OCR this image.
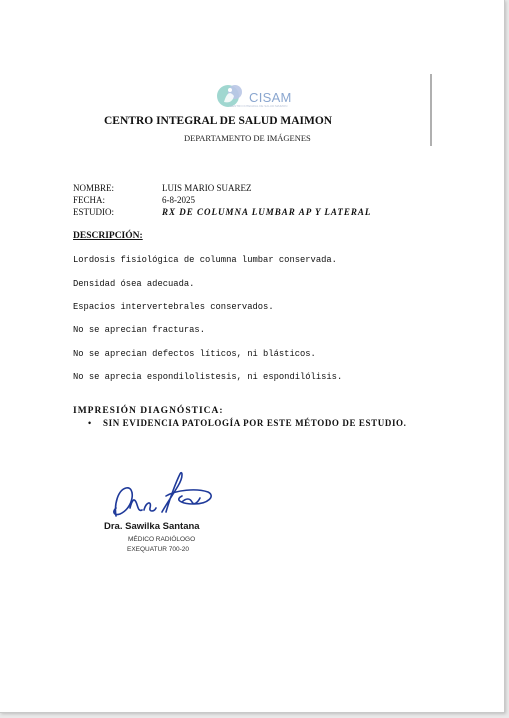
CISAM
CENTRO INTEGRAL DE SALUD MAIMON
CENTRO INTEGRAL DE SALUD MAIMON
DEPARTAMENTO DE IMÁGENES
NOMBRE:	LUIS MARIO SUAREZ
FECHA:	6-8-2025
ESTUDIO:	RX DE COLUMNA LUMBAR AP Y LATERAL
DESCRIPCIÓN:
Lordosis fisiológica de columna lumbar conservada.
Densidad ósea adecuada.
Espacios intervertebrales conservados.
No se aprecian fracturas.
No se aprecian defectos líticos, ni blásticos.
No se aprecia espondilolistesis, ni espondilólisis.
IMPRESIÓN DIAGNÓSTICA:
• SIN EVIDENCIA PATOLOGÍA POR ESTE MÉTODO DE ESTUDIO.
Dra. Sawilka Santana
MÉDICO RADIÓLOGO
EXEQUATUR 700-20
